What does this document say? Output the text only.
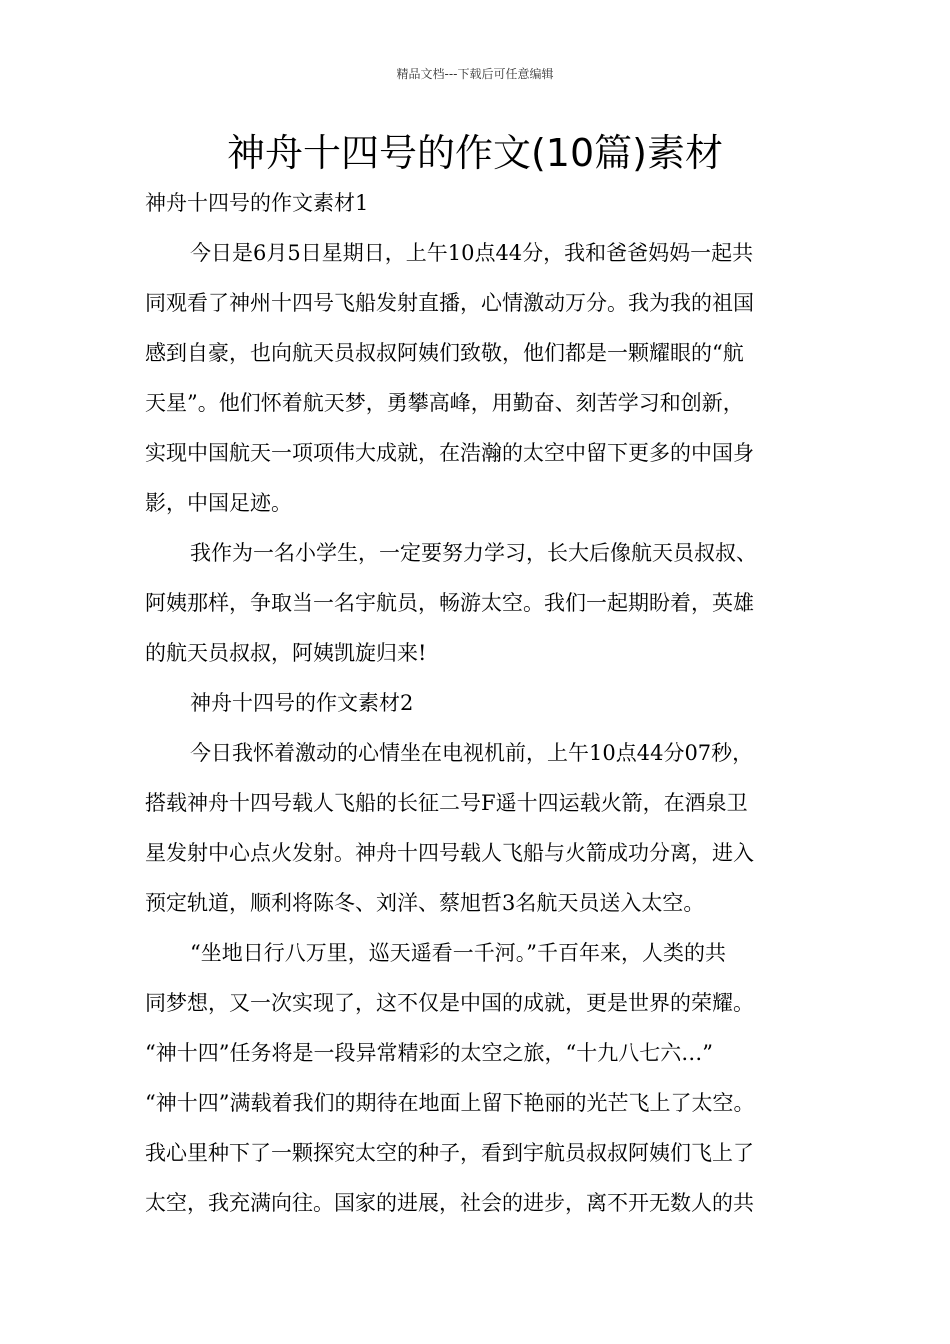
精品文档---下载后可任意编辑
神舟十四号的作文(10篇)素材

神舟十四号的作文素材1

今日是6月5日星期日，上午10点44分，我和爸爸妈妈一起共

同观看了神州十四号飞船发射直播，心情激动万分。我为我的祖国

感到自豪，也向航天员叔叔阿姨们致敬，他们都是一颗耀眼的“航

天星”。他们怀着航天梦，勇攀高峰，用勤奋、刻苦学习和创新，

实现中国航天一项项伟大成就，在浩瀚的太空中留下更多的中国身

影，中国足迹。

我作为一名小学生，一定要努力学习，长大后像航天员叔叔、

阿姨那样，争取当一名宇航员，畅游太空。我们一起期盼着，英雄

的航天员叔叔，阿姨凯旋归来!

神舟十四号的作文素材2

今日我怀着激动的心情坐在电视机前，上午10点44分07秒，

搭载神舟十四号载人飞船的长征二号F遥十四运载火箭，在酒泉卫

星发射中心点火发射。神舟十四号载人飞船与火箭成功分离，进入

预定轨道，顺利将陈冬、刘洋、蔡旭哲3名航天员送入太空。

“坐地日行八万里，巡天遥看一千河。”千百年来，人类的共

同梦想，又一次实现了，这不仅是中国的成就，更是世界的荣耀。

“神十四”任务将是一段异常精彩的太空之旅，“十九八七六…”

“神十四”满载着我们的期待在地面上留下艳丽的光芒飞上了太空。

我心里种下了一颗探究太空的种子，看到宇航员叔叔阿姨们飞上了

太空，我充满向往。国家的进展，社会的进步，离不开无数人的共
